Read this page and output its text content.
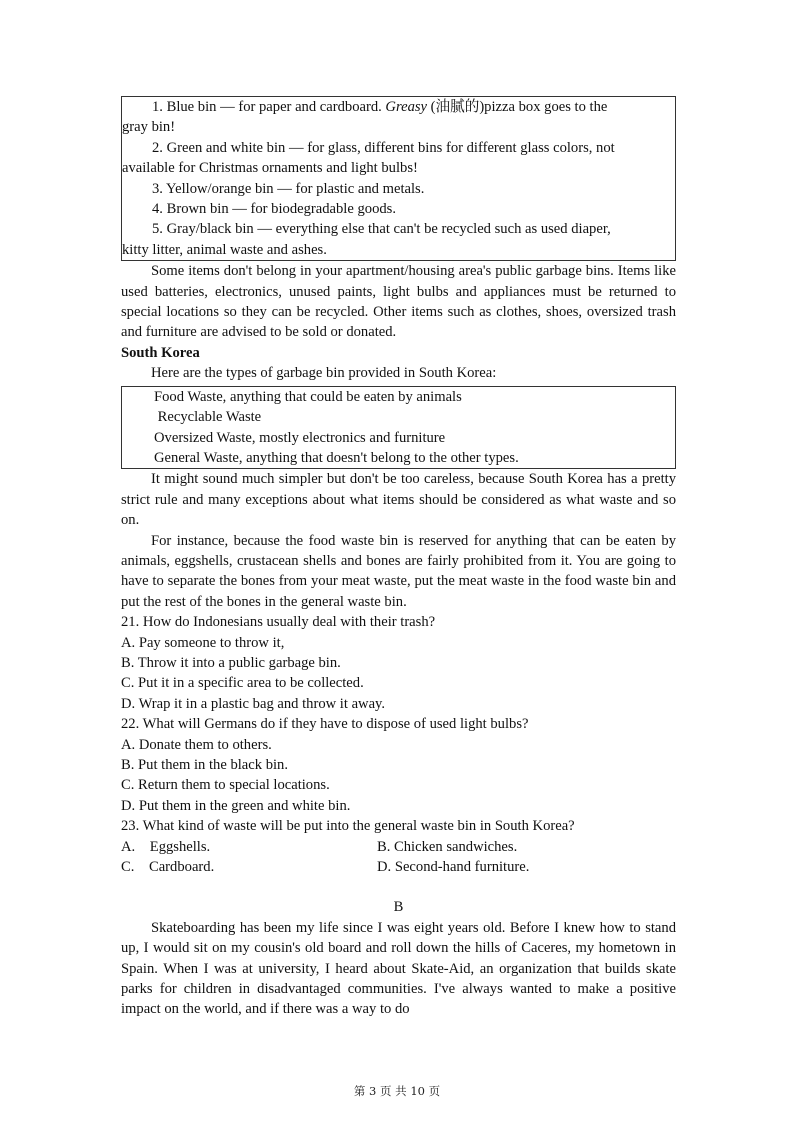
1. Blue bin — for paper and cardboard. Greasy (油腻的)pizza box goes to the

gray bin!

2. Green and white bin — for glass, different bins for different glass colors, not

available for Christmas ornaments and light bulbs!

3. Yellow/orange bin — for plastic and metals.

4. Brown bin — for biodegradable goods.

5. Gray/black bin — everything else that can't be recycled such as used diaper,

kitty litter, animal waste and ashes.

Some items don't belong in your apartment/housing area's public garbage bins. Items like used batteries, electronics, unused paints, light bulbs and appliances must be returned to special locations so they can be recycled. Other items such as clothes, shoes, oversized trash and furniture are advised to be sold or donated.

South Korea

Here are the types of garbage bin provided in South Korea:

Food Waste, anything that could be eaten by animals

Recyclable Waste

Oversized Waste, mostly electronics and furniture

General Waste, anything that doesn't belong to the other types.

It might sound much simpler but don't be too careless, because South Korea has a pretty strict rule and many exceptions about what items should be considered as what waste and so on.

For instance, because the food waste bin is reserved for anything that can be eaten by animals, eggshells, crustacean shells and bones are fairly prohibited from it. You are going to have to separate the bones from your meat waste, put the meat waste in the food waste bin and put the rest of the bones in the general waste bin.

21. How do Indonesians usually deal with their trash?

A. Pay someone to throw it,

B. Throw it into a public garbage bin.

C. Put it in a specific area to be collected.

D. Wrap it in a plastic bag and throw it away.

22. What will Germans do if they have to dispose of used light bulbs?

A. Donate them to others.

B. Put them in the black bin.

C. Return them to special locations.

D. Put them in the green and white bin.

23. What kind of waste will be put into the general waste bin in South Korea?

A.    Eggshells.	B. Chicken sandwiches.
C.    Cardboard.	D. Second-hand furniture.

B

Skateboarding has been my life since I was eight years old. Before I knew how to stand up, I would sit on my cousin's old board and roll down the hills of Caceres, my hometown in Spain. When I was at university, I heard about Skate-Aid, an organization that builds skate parks for children in disadvantaged communities. I've always wanted to make a positive impact on the world, and if there was a way to do

第 3 页 共 10 页
